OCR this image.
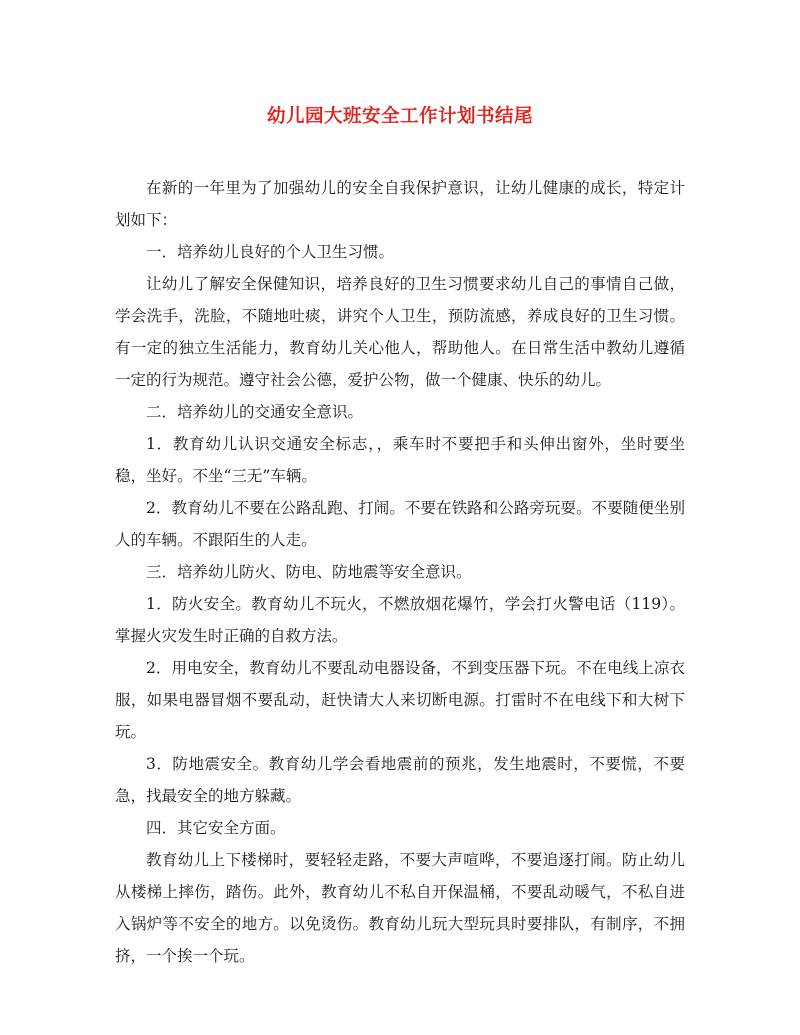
幼儿园大班安全工作计划书结尾

在新的一年里为了加强幼儿的安全自我保护意识，让幼儿健康的成长，特定计划如下：

一．培养幼儿良好的个人卫生习惯。

让幼儿了解安全保健知识，培养良好的卫生习惯要求幼儿自己的事情自己做，学会洗手，洗脸，不随地吐痰，讲究个人卫生，预防流感，养成良好的卫生习惯。有一定的独立生活能力，教育幼儿关心他人，帮助他人。在日常生活中教幼儿遵循一定的行为规范。遵守社会公德，爱护公物，做一个健康、快乐的幼儿。

二．培养幼儿的交通安全意识。

1．教育幼儿认识交通安全标志，，乘车时不要把手和头伸出窗外，坐时要坐稳，坐好。不坐“三无”车辆。

2．教育幼儿不要在公路乱跑、打闹。不要在铁路和公路旁玩耍。不要随便坐别人的车辆。不跟陌生的人走。

三．培养幼儿防火、防电、防地震等安全意识。

1．防火安全。教育幼儿不玩火，不燃放烟花爆竹，学会打火警电话（119）。掌握火灾发生时正确的自救方法。

2．用电安全，教育幼儿不要乱动电器设备，不到变压器下玩。不在电线上凉衣服，如果电器冒烟不要乱动，赶快请大人来切断电源。打雷时不在电线下和大树下玩。

3．防地震安全。教育幼儿学会看地震前的预兆，发生地震时，不要慌，不要急，找最安全的地方躲藏。

四．其它安全方面。

教育幼儿上下楼梯时，要轻轻走路，不要大声喧哗，不要追逐打闹。防止幼儿从楼梯上摔伤，踏伤。此外，教育幼儿不私自开保温桶，不要乱动暖气，不私自进入锅炉等不安全的地方。以免烫伤。教育幼儿玩大型玩具时要排队，有制序，不拥挤，一个挨一个玩。
